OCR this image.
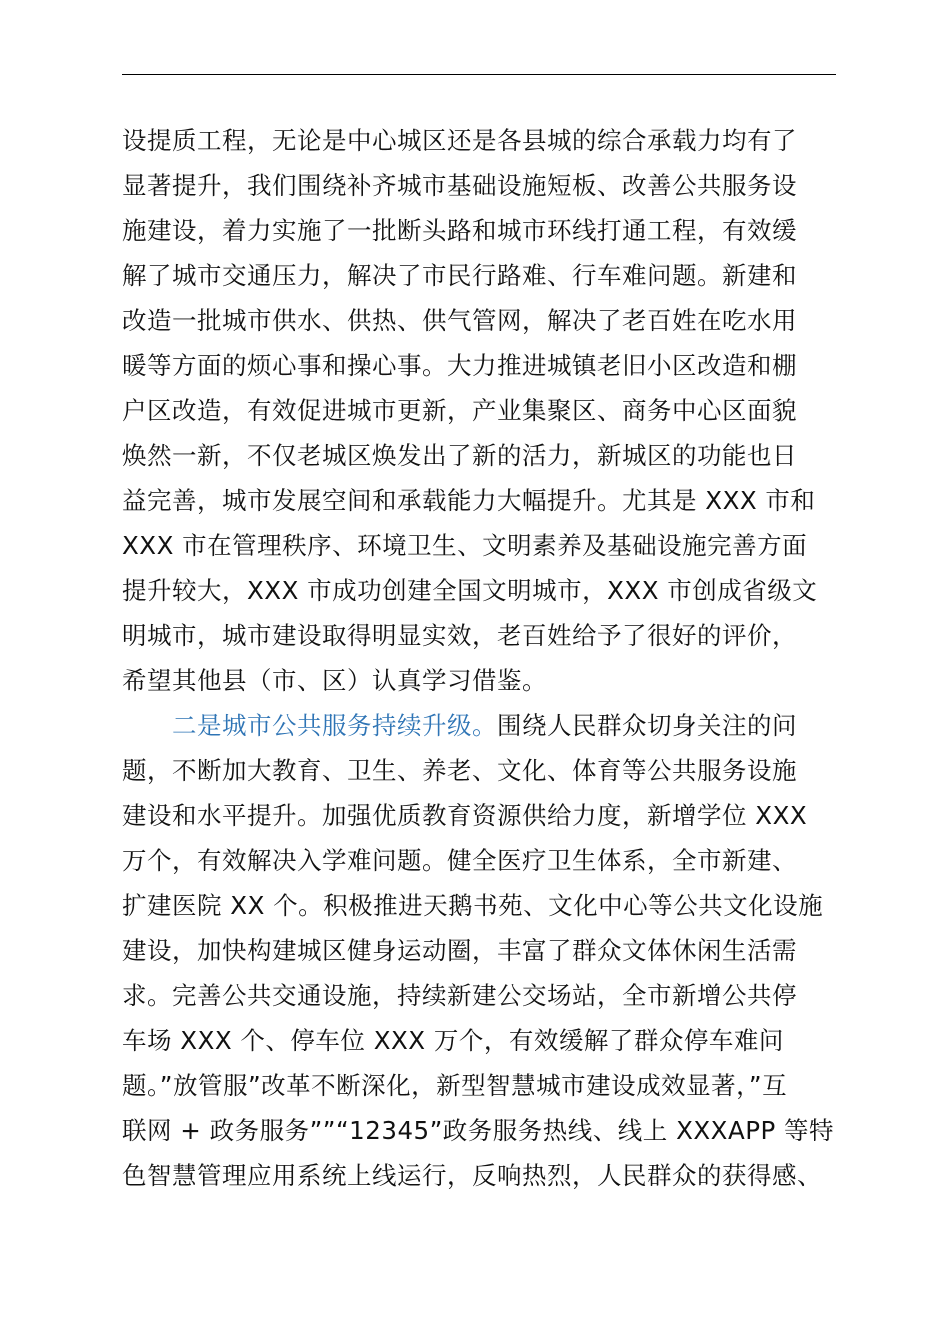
设提质工程，无论是中心城区还是各县城的综合承载力均有了
显著提升，我们围绕补齐城市基础设施短板、改善公共服务设
施建设，着力实施了一批断头路和城市环线打通工程，有效缓
解了城市交通压力，解决了市民行路难、行车难问题。新建和
改造一批城市供水、供热、供气管网，解决了老百姓在吃水用
暖等方面的烦心事和操心事。大力推进城镇老旧小区改造和棚
户区改造，有效促进城市更新，产业集聚区、商务中心区面貌
焕然一新，不仅老城区焕发出了新的活力，新城区的功能也日
益完善，城市发展空间和承载能力大幅提升。尤其是 XXX 市和
XXX 市在管理秩序、环境卫生、文明素养及基础设施完善方面
提升较大，XXX 市成功创建全国文明城市，XXX 市创成省级文
明城市，城市建设取得明显实效，老百姓给予了很好的评价，
希望其他县（市、区）认真学习借鉴。
二是城市公共服务持续升级。围绕人民群众切身关注的问
题，不断加大教育、卫生、养老、文化、体育等公共服务设施
建设和水平提升。加强优质教育资源供给力度，新增学位 XXX
万个，有效解决入学难问题。健全医疗卫生体系，全市新建、
扩建医院 XX 个。积极推进天鹅书苑、文化中心等公共文化设施
建设，加快构建城区健身运动圈，丰富了群众文体休闲生活需
求。完善公共交通设施，持续新建公交场站，全市新增公共停
车场 XXX 个、停车位 XXX 万个，有效缓解了群众停车难问
题。”放管服”改革不断深化，新型智慧城市建设成效显著，”互
联网 + 政务服务””“12345”政务服务热线、线上 XXXAPP 等特
色智慧管理应用系统上线运行，反响热烈，人民群众的获得感、
